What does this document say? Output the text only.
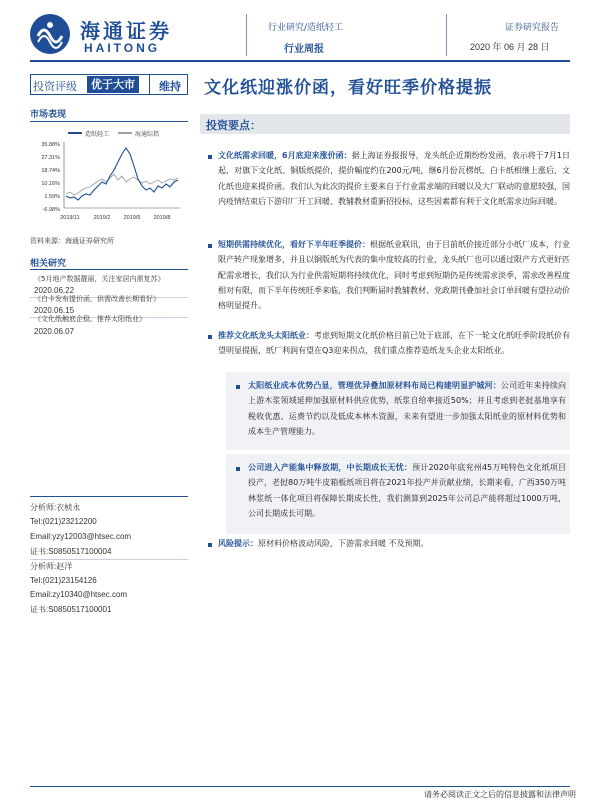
海通证券
HAITONG
行业研究/造纸轻工
行业周报
证券研究报告
2020 年 06 月 28 日
投资评级	优于大市	维持 文化纸迎涨价函，看好旺季价格提振
市场表现
造纸轻工	海通综指
35.88%
27.31%
18.74%
10.16%
1.59%
-6.98%
2019/11	2019/2 2019/5 2019/8
资料来源：海通证券研究所
相关研究
《5月地产数据靓丽，关注家居内需复苏》
2020.06.22
《白卡发布提价函，供需改善长期看好》
2020.06.15
《文化纸触底企稳，推荐太阳纸业》
2020.06.07
分析师:衣桢永
Tel:(021)23212200
Email:yzy12003@htsec.com
证书:S0850517100004
分析师:赵洋
Tel:(021)23154126
Email:zy10340@htsec.com
证书:S0850517100001
投资要点：
文化纸需求回暖，6月底迎来涨价函：据上海证券报报导，龙头纸企近期纷纷发函，表示将于7月1日起，对旗下文化纸、铜版纸提价，提价幅度约在200元/吨，继6月份瓦楞纸、白卡纸相继上涨后，文化纸也迎来提价函。我们认为此次的提价主要来自于行业需求端的回暖以及大厂联动的意愿较强，国内疫情结束后下游印厂开工回暖、教辅教材重新招投标，这些因素都有利于文化纸需求边际回暖。
短期供需持续优化，看好下半年旺季提价：根据纸业联讯，由于目前纸价接近部分小纸厂成本，行业限产转产现象增多，并且以铜版纸为代表的集中度较高的行业，龙头纸厂也可以通过限产方式更好匹配需求增长，我们认为行业供需短期将持续优化，同时考虑到短期仍是传统需求淡季，需求改善程度相对有限，而下半年传统旺季来临，我们判断届时教辅教材、党政期刊叠加社会订单回暖有望拉动价格明显提升。
推荐文化纸龙头太阳纸业：考虑到短期文化纸价格目前已处于底部，在下一轮文化纸旺季阶段纸价有望明显提振，纸厂利润有望在Q3迎来拐点，我们重点推荐造纸龙头企业太阳纸业。
太阳纸业成本优势凸显，管理优异叠加原材料布局已构建明显护城河：公司近年来持续向上游木浆领域延伸加强原材料供应优势，纸浆自给率接近50%；并且考虑到老挝基地享有税收优惠、运费节约以及低成本林木资源，未来有望进一步加强太阳纸业的原材料优势和成本生产管理能力。
公司进入产能集中释放期，中长期成长无忧：预计2020年底兖州45万吨特色文化纸项目投产，老挝80万吨牛皮箱板纸项目将在2021年投产并贡献业绩，长期来看，广西350万吨林浆纸一体化项目将保障长期成长性，我们测算到2025年公司总产能将超过1000万吨，公司长期成长可期。
风险提示：原材料价格波动风险，下游需求回暖 不及预期。
请务必阅读正文之后的信息披露和法律声明
